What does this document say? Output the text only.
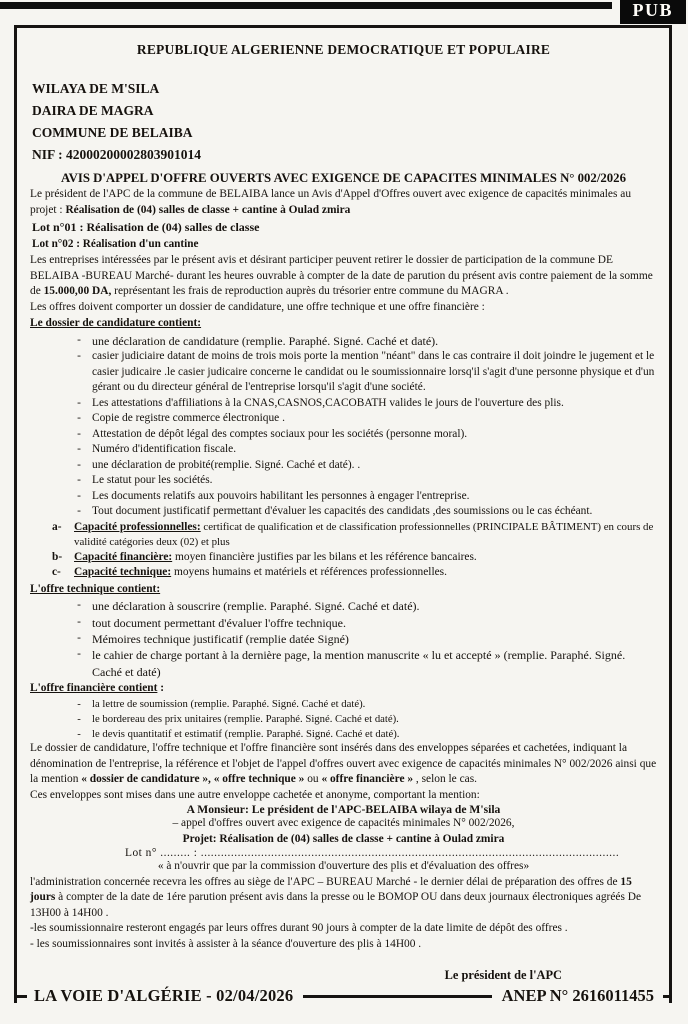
PUB
REPUBLIQUE ALGERIENNE DEMOCRATIQUE ET POPULAIRE
WILAYA DE M'SILA
DAIRA DE MAGRA
COMMUNE DE BELAIBA
NIF : 42000200002803901014
AVIS D'APPEL D'OFFRE OUVERTS AVEC EXIGENCE DE CAPACITES MINIMALES N° 002/2026

Le président de l'APC de la commune de BELAIBA lance un Avis d'Appel d'Offres ouvert avec exigence de capacités minimales au projet : Réalisation de (04) salles de classe + cantine à Oulad zmira

Lot n°01 : Réalisation de (04) salles de classe
Lot n°02 : Réalisation d'un cantine

Les entreprises intéressées par le présent avis et désirant participer peuvent retirer le dossier de participation de la commune DE BELAIBA -BUREAU Marché- durant les heures ouvrable à compter de la date de parution du présent avis contre paiement de la somme de 15.000,00 DA, représentant les frais de reproduction auprès du trésorier entre commune du MAGRA .

Les offres doivent comporter un dossier de candidature, une offre technique et une offre financière :

Le dossier de candidature contient:
- une déclaration de candidature (remplie. Paraphé. Signé. Caché et daté).
- casier judiciaire datant de moins de trois mois porte la mention "néant" dans le cas contraire il doit joindre le jugement et le casier judicaire .le casier judicaire concerne le candidat ou le soumissionnaire lorsq'il s'agit d'une personne physique et d'un gérant ou du directeur général de l'entreprise lorsqu'il s'agit d'une société.
- Les attestations d'affiliations à la CNAS,CASNOS,CACOBATH valides le jours de l'ouverture des plis.
- Copie de registre commerce électronique .
- Attestation de dépôt légal des comptes sociaux pour les sociétés (personne moral).
- Numéro d'identification fiscale.
- une déclaration de probité(remplie. Signé. Caché et daté). .
- Le statut pour les sociétés.
- Les documents relatifs aux pouvoirs habilitant les personnes à engager l'entreprise.
- Tout document justificatif permettant d'évaluer les capacités des candidats ,des soumissions ou le cas échéant.
a-	Capacité professionnelles: certificat de qualification et de classification professionnelles (PRINCIPALE BÂTIMENT) en cours de validité catégories deux (02) et plus
b-	Capacité financière: moyen financière justifies par les bilans et les référence bancaires.
c-	Capacité technique: moyens humains et matériels et références professionnelles.
L'offre technique contient:
- une déclaration à souscrire (remplie. Paraphé. Signé. Caché et daté).
- tout document permettant d'évaluer l'offre technique.
- Mémoires technique justificatif (remplie datée Signé)
- le cahier de charge portant à la dernière page, la mention manuscrite « lu et accepté » (remplie. Paraphé. Signé. Caché et daté)
L'offre financière contient :
-	la lettre de soumission (remplie. Paraphé. Signé. Caché et daté).
-	le bordereau des prix unitaires (remplie. Paraphé. Signé. Caché et daté).
-	le devis quantitatif et estimatif (remplie. Paraphé. Signé. Caché et daté).

Le dossier de candidature, l'offre technique et l'offre financière sont insérés dans des enveloppes séparées et cachetées, indiquant la dénomination de l'entreprise, la référence et l'objet de l'appel d'offres ouvert avec exigence de capacités minimales N° 002/2026 ainsi que la mention « dossier de candidature », « offre technique » ou « offre financière » , selon le cas.

Ces enveloppes sont mises dans une autre enveloppe cachetée et anonyme, comportant la mention:

A Monsieur: Le président de l'APC-BELAIBA wilaya de M'sila
– appel d'offres ouvert avec exigence de capacités minimales N° 002/2026,
Projet: Réalisation de (04) salles de classe + cantine à Oulad zmira
Lot n° ......... : .............................................................................................................................
« à n'ouvrir que par la commission d'ouverture des plis et d'évaluation des offres»

l'administration concernée recevra les offres au siège de l'APC – BUREAU Marché - le dernier délai de préparation des offres de 15 jours à compter de la date de 1ére parution présent avis dans la presse ou le BOMOP OU dans deux journaux électroniques agréés De 13H00 à 14H00 .

-les soumissionnaire resteront engagés par leurs offres durant 90 jours à compter de la date limite de dépôt des offres .
- les soumissionnaires sont invités à assister à la séance d'ouverture des plis à 14H00 .
Le président de l'APC
LA VOIE D'ALGÉRIE - 02/04/2026	ANEP N° 2616011455
